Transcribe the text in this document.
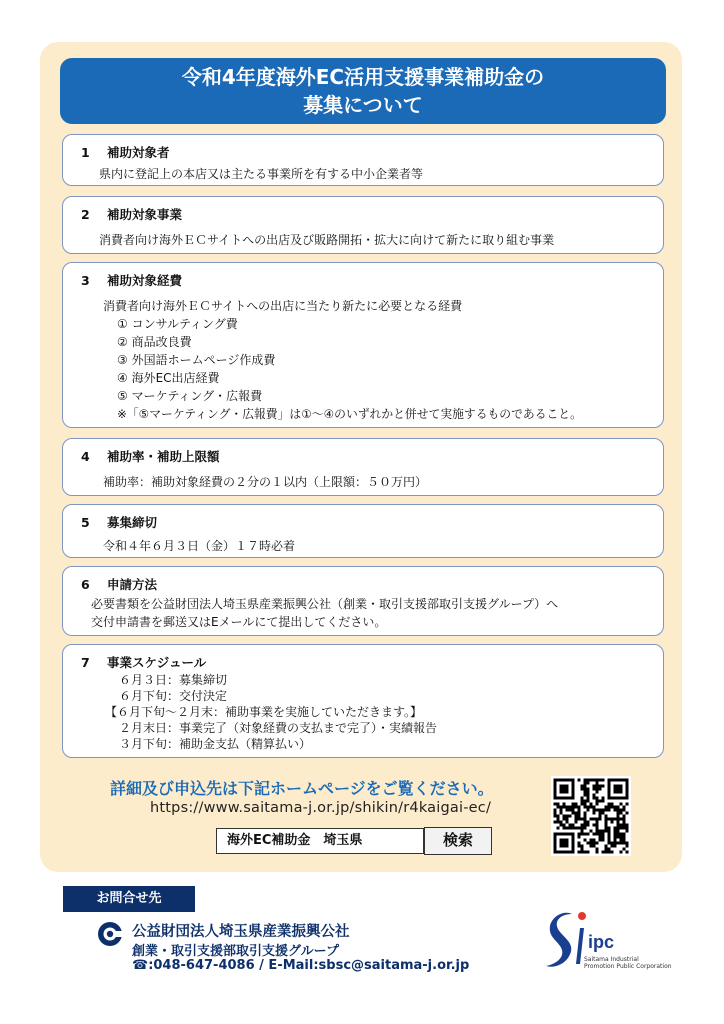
令和4年度海外EC活用支援事業補助金の
募集について
1 補助対象者
県内に登記上の本店又は主たる事業所を有する中小企業者等
2 補助対象事業
消費者向け海外ＥＣサイトへの出店及び販路開拓・拡大に向けて新たに取り組む事業
3 補助対象経費
消費者向け海外ＥＣサイトへの出店に当たり新たに必要となる経費
① コンサルティング費
② 商品改良費
③ 外国語ホームページ作成費
④ 海外EC出店経費
⑤ マーケティング・広報費
※「⑤マーケティング・広報費」は①～④のいずれかと併せて実施するものであること。
4 補助率・補助上限額
補助率：補助対象経費の２分の１以内（上限額：５０万円）
5 募集締切
令和４年６月３日（金）１７時必着
6 申請方法
必要書類を公益財団法人埼玉県産業振興公社（創業・取引支援部取引支援グループ）へ
交付申請書を郵送又はEメールにて提出してください。
7 事業スケジュール
６月３日：募集締切
６月下旬：交付決定
【６月下旬～２月末：補助事業を実施していただきます。】
２月末日：事業完了（対象経費の支払まで完了）・実績報告
３月下旬：補助金支払（精算払い）
詳細及び申込先は下記ホームページをご覧ください。
https://www.saitama-j.or.jp/shikin/r4kaigai-ec/
海外EC補助金　埼玉県	検索
お問合せ先
公益財団法人埼玉県産業振興公社
創業・取引支援部取引支援グループ
☎:048-647-4086 / E-Mail:sbsc@saitama-j.or.jp
ipc
Saitama Industrial
Promotion Public Corporation
